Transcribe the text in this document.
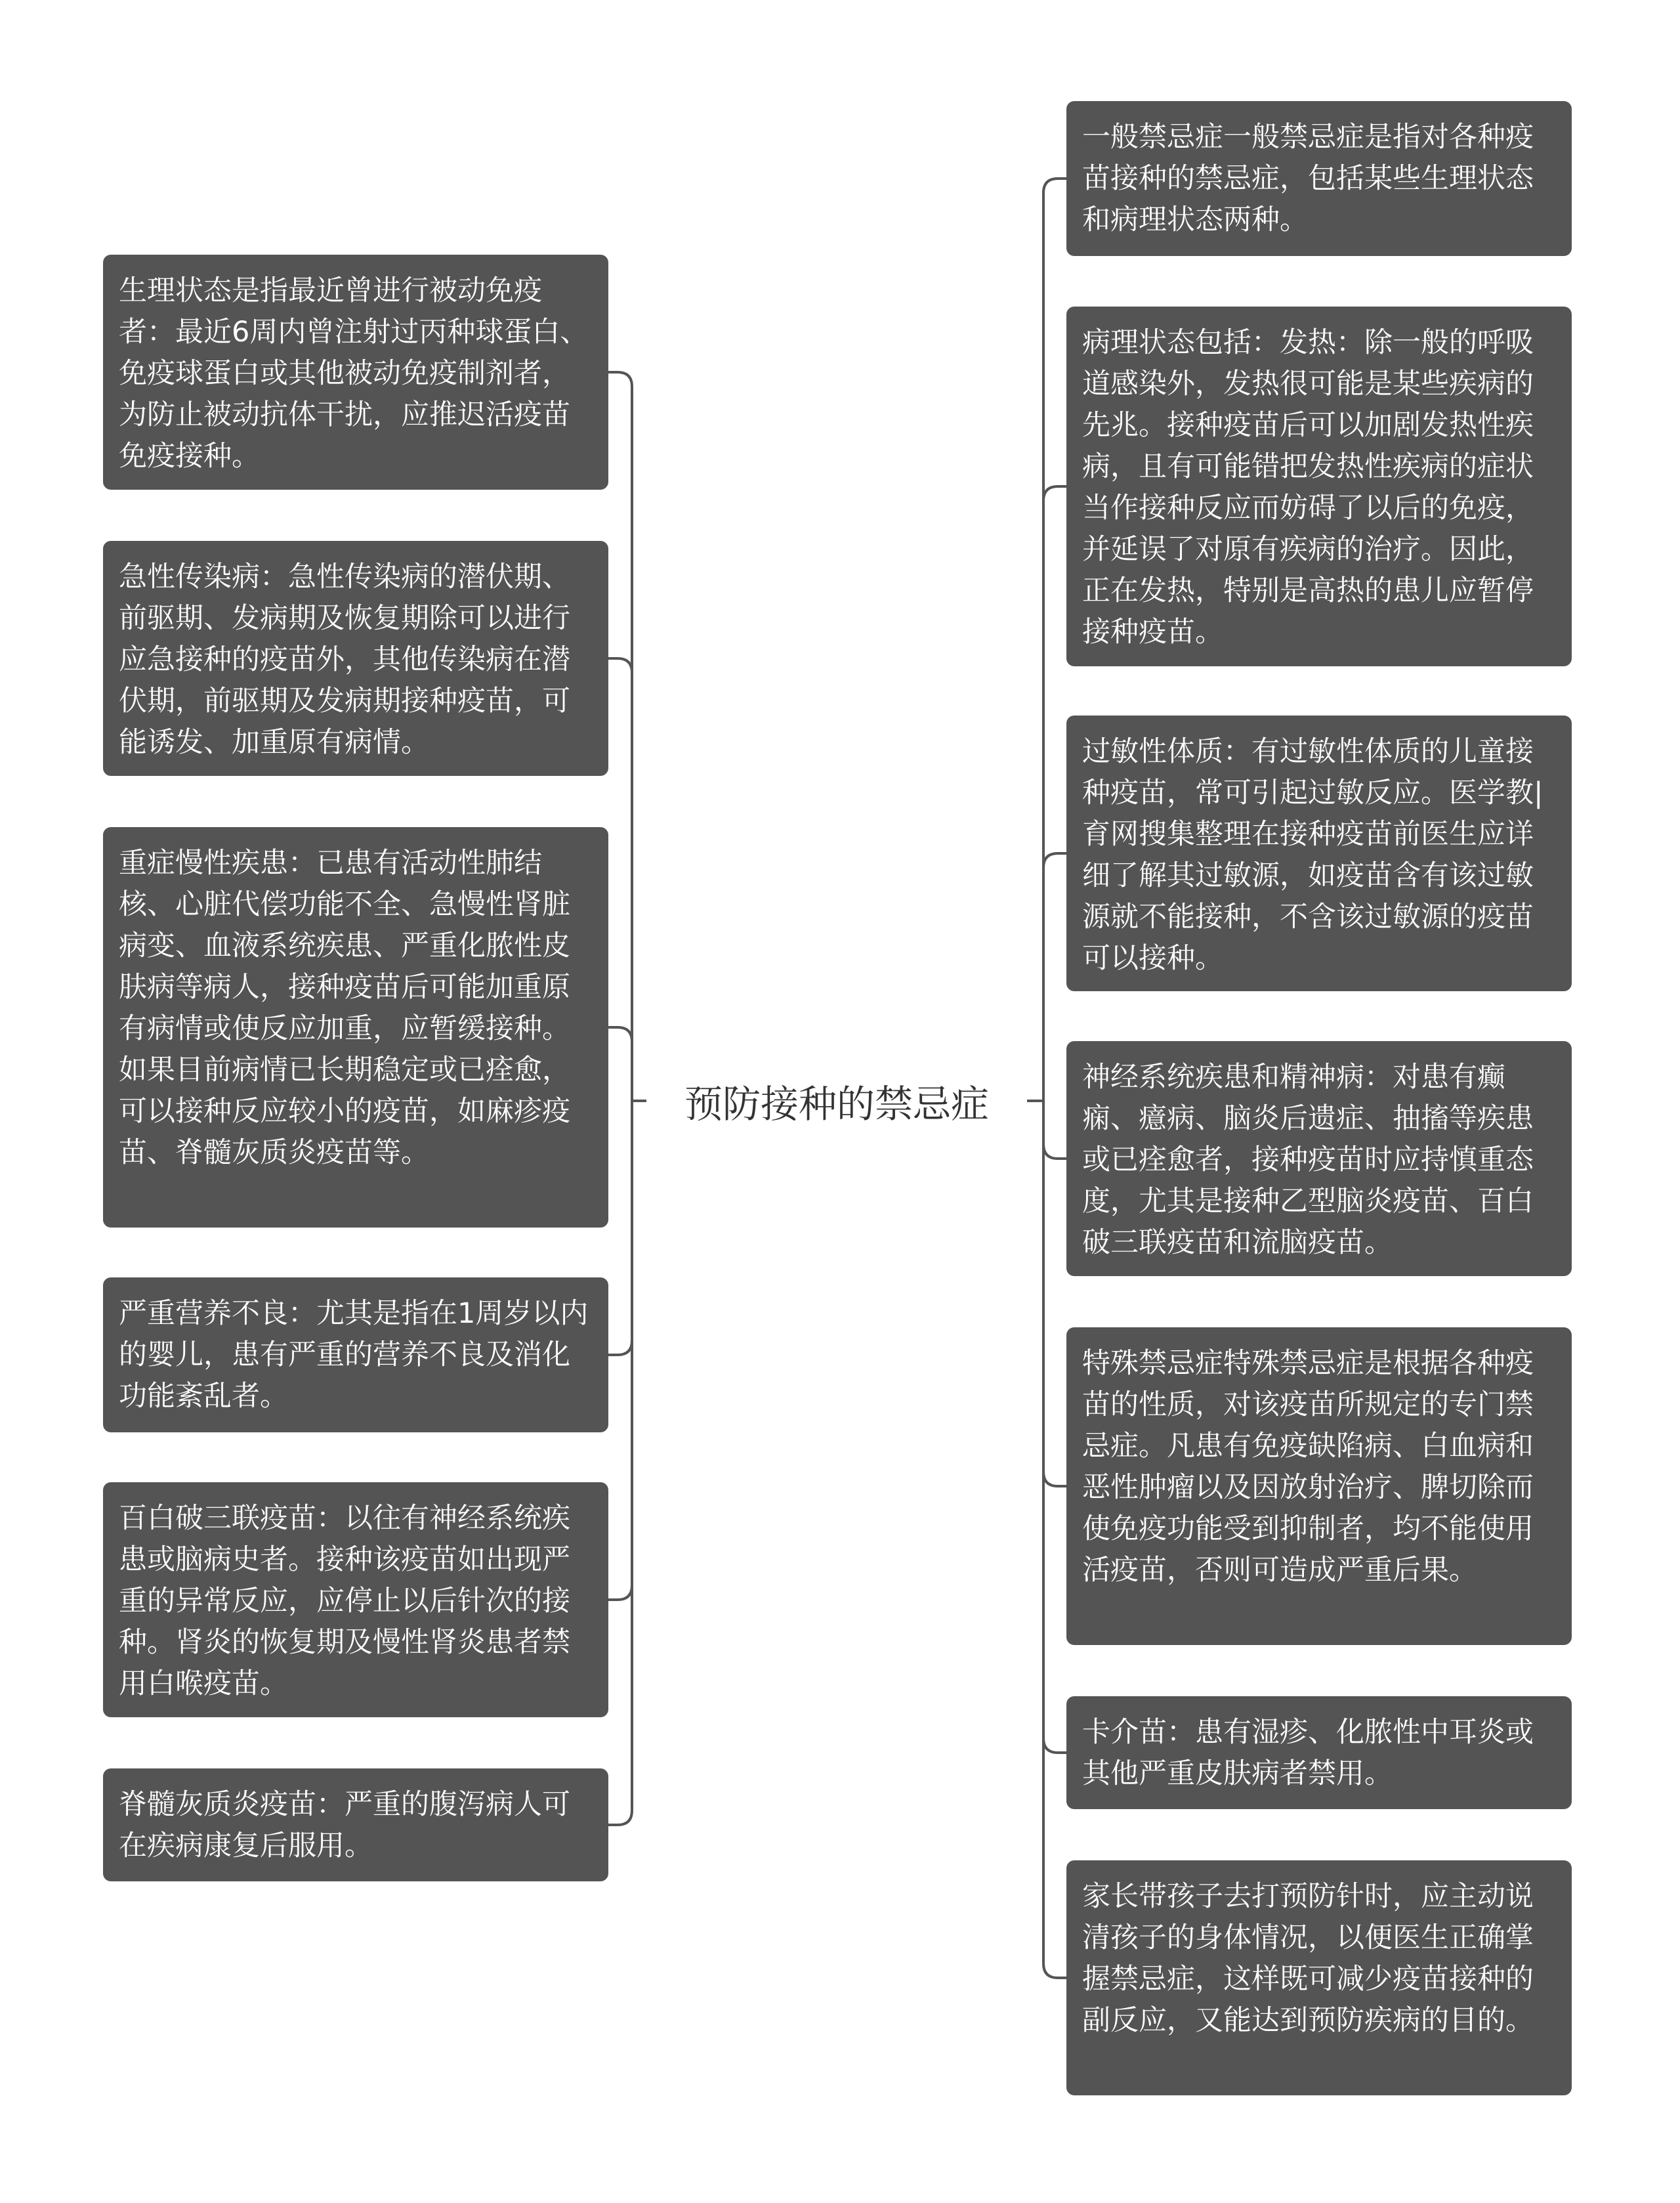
预防接种的禁忌症
生理状态是指最近曾进行被动免疫者：最近6周内曾注射过丙种球蛋白、免疫球蛋白或其他被动免疫制剂者，为防止被动抗体干扰，应推迟活疫苗免疫接种。
急性传染病：急性传染病的潜伏期、前驱期、发病期及恢复期除可以进行应急接种的疫苗外，其他传染病在潜伏期，前驱期及发病期接种疫苗，可能诱发、加重原有病情。
重症慢性疾患：已患有活动性肺结核、心脏代偿功能不全、急慢性肾脏病变、血液系统疾患、严重化脓性皮肤病等病人，接种疫苗后可能加重原有病情或使反应加重，应暂缓接种。如果目前病情已长期稳定或已痊愈，可以接种反应较小的疫苗，如麻疹疫苗、脊髓灰质炎疫苗等。
严重营养不良：尤其是指在1周岁以内的婴儿，患有严重的营养不良及消化功能紊乱者。
百白破三联疫苗：以往有神经系统疾患或脑病史者。接种该疫苗如出现严重的异常反应，应停止以后针次的接种。肾炎的恢复期及慢性肾炎患者禁用白喉疫苗。
脊髓灰质炎疫苗：严重的腹泻病人可在疾病康复后服用。
一般禁忌症一般禁忌症是指对各种疫苗接种的禁忌症，包括某些生理状态和病理状态两种。
病理状态包括：发热：除一般的呼吸道感染外，发热很可能是某些疾病的先兆。接种疫苗后可以加剧发热性疾病，且有可能错把发热性疾病的症状当作接种反应而妨碍了以后的免疫，并延误了对原有疾病的治疗。因此，正在发热，特别是高热的患儿应暂停接种疫苗。
过敏性体质：有过敏性体质的儿童接种疫苗，常可引起过敏反应。医学教|育网搜集整理在接种疫苗前医生应详细了解其过敏源，如疫苗含有该过敏源就不能接种，不含该过敏源的疫苗可以接种。
神经系统疾患和精神病：对患有癫痫、癔病、脑炎后遗症、抽搐等疾患或已痊愈者，接种疫苗时应持慎重态度，尤其是接种乙型脑炎疫苗、百白破三联疫苗和流脑疫苗。
特殊禁忌症特殊禁忌症是根据各种疫苗的性质，对该疫苗所规定的专门禁忌症。凡患有免疫缺陷病、白血病和恶性肿瘤以及因放射治疗、脾切除而使免疫功能受到抑制者，均不能使用活疫苗，否则可造成严重后果。
卡介苗：患有湿疹、化脓性中耳炎或其他严重皮肤病者禁用。
家长带孩子去打预防针时，应主动说清孩子的身体情况，以便医生正确掌握禁忌症，这样既可减少疫苗接种的副反应，又能达到预防疾病的目的。
